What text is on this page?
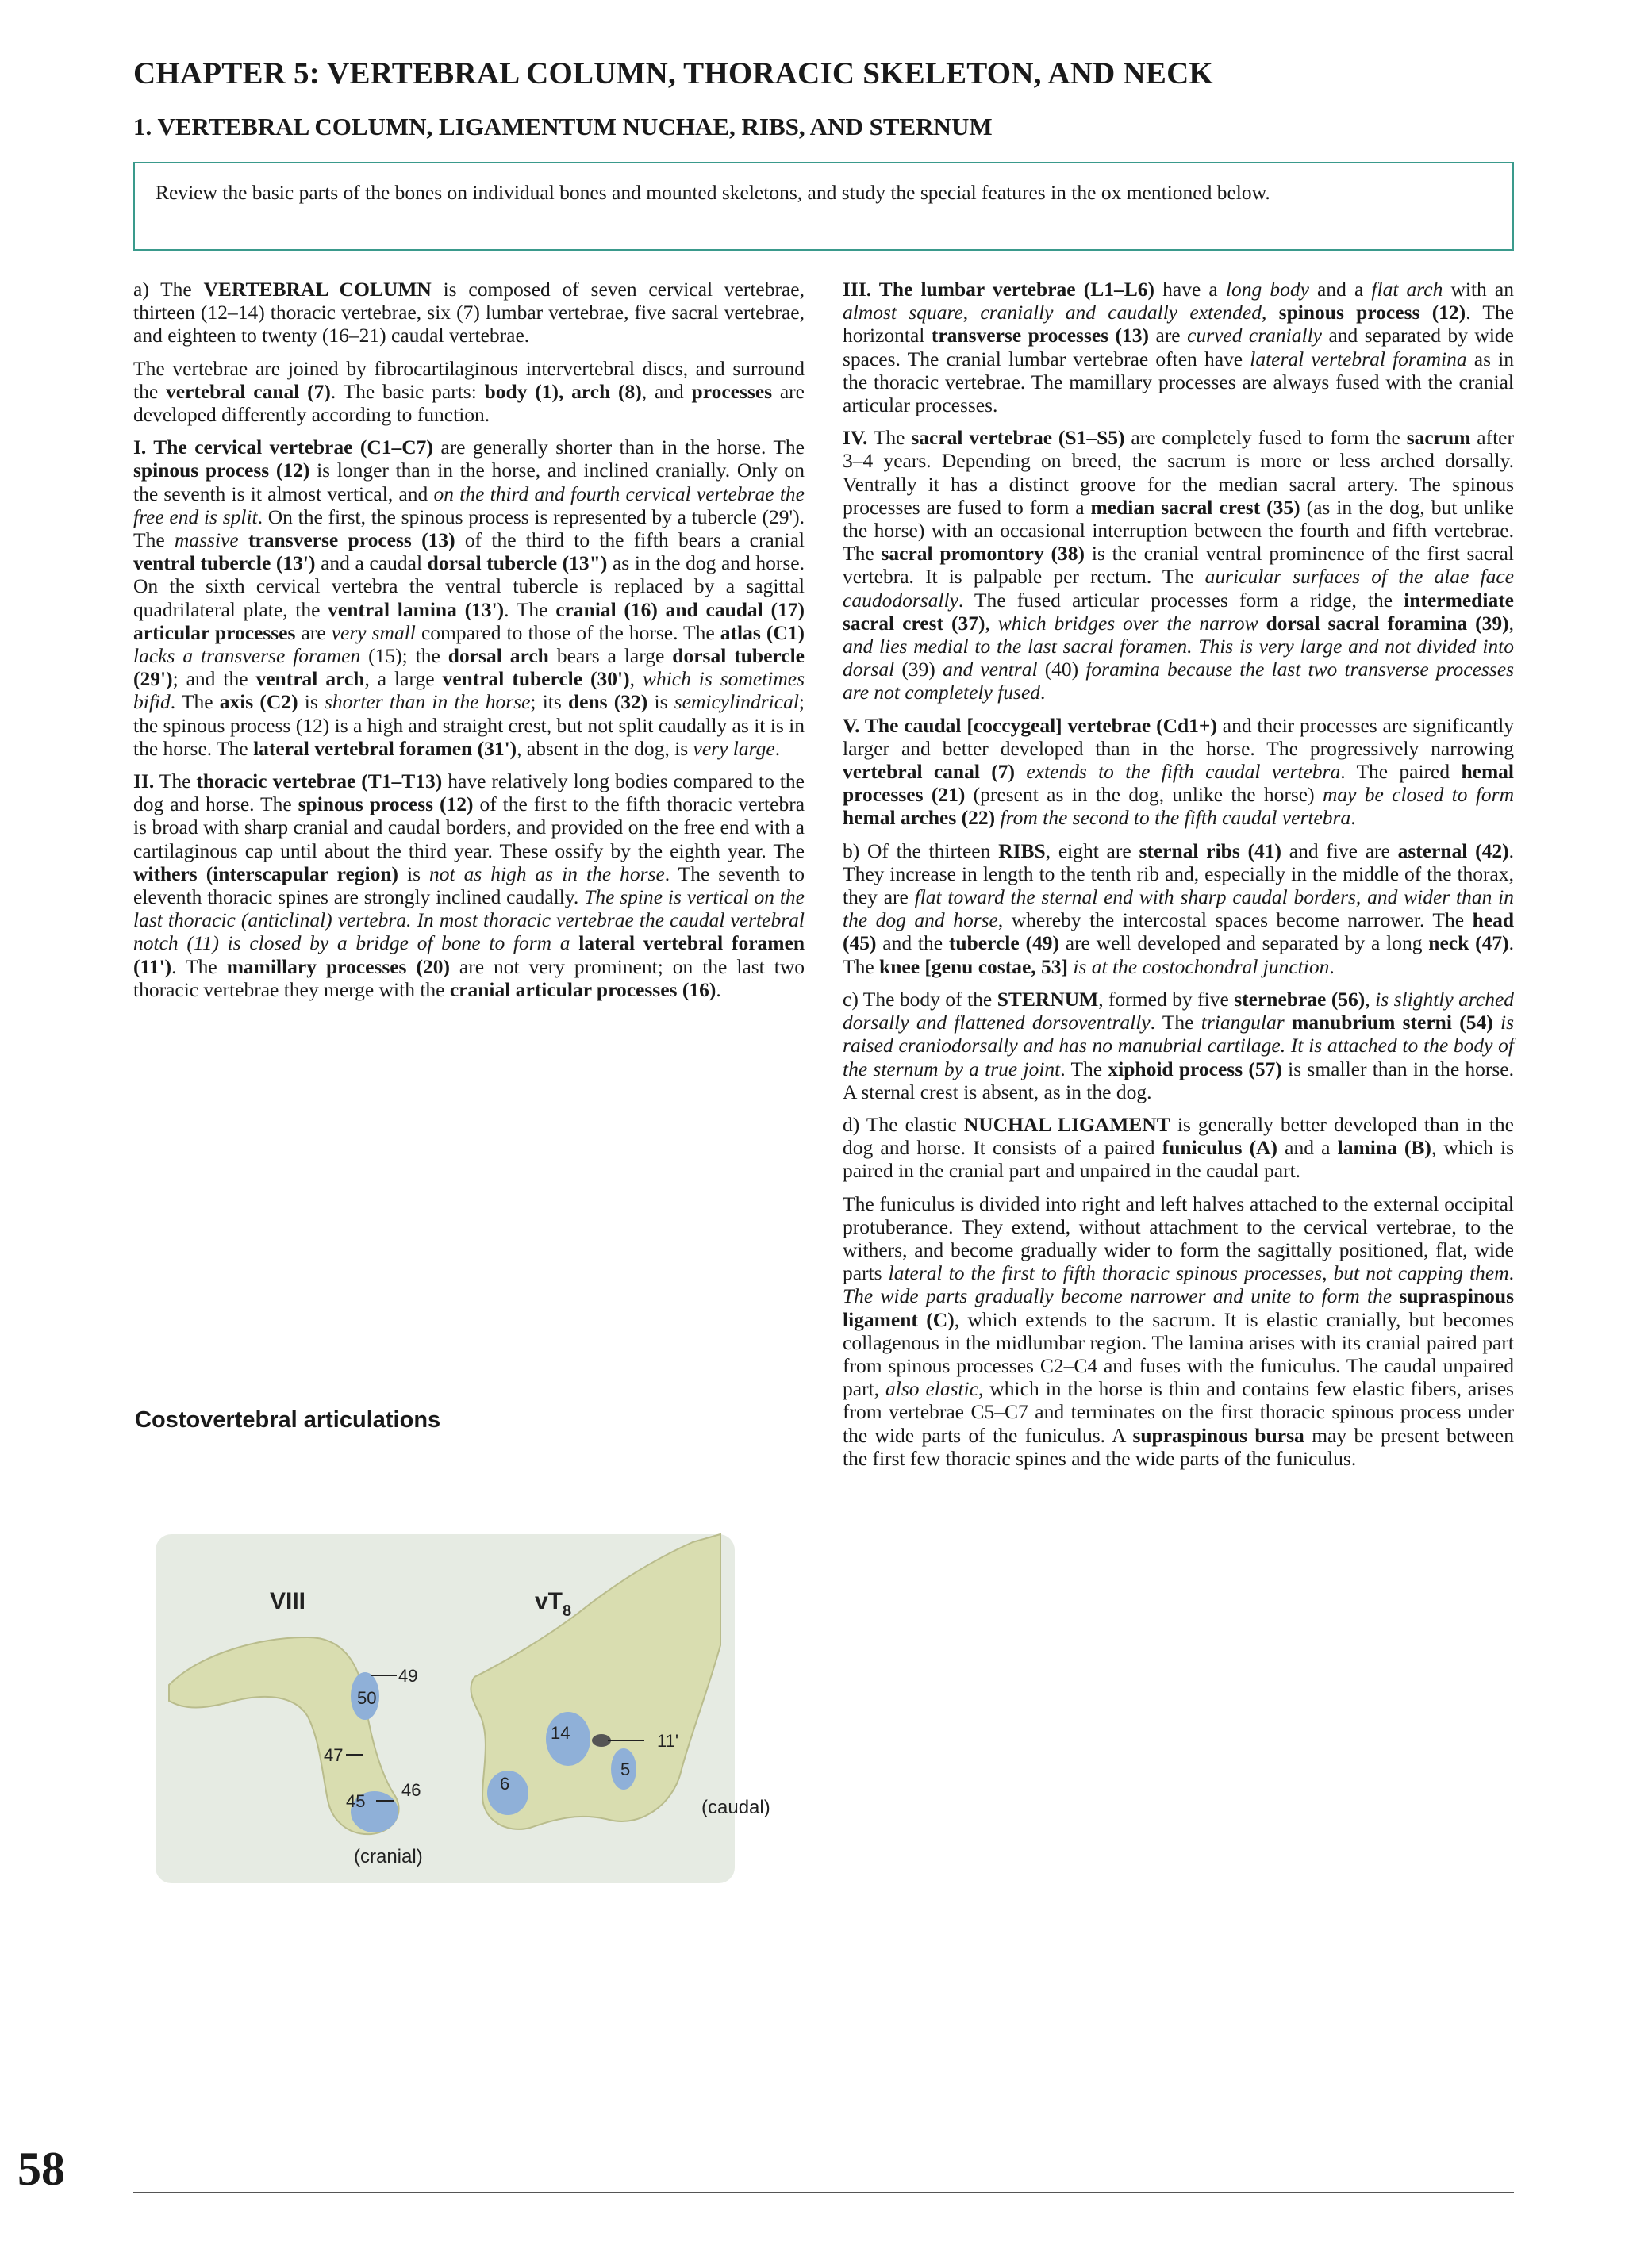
CHAPTER 5: VERTEBRAL COLUMN, THORACIC SKELETON, AND NECK
1. VERTEBRAL COLUMN, LIGAMENTUM NUCHAE, RIBS, AND STERNUM
Review the basic parts of the bones on individual bones and mounted skeletons, and study the special features in the ox mentioned below.

a) The VERTEBRAL COLUMN is composed of seven cervical vertebrae, thirteen (12–14) thoracic vertebrae, six (7) lumbar vertebrae, five sacral vertebrae, and eighteen to twenty (16–21) caudal vertebrae.

The vertebrae are joined by fibrocartilaginous intervertebral discs, and surround the vertebral canal (7). The basic parts: body (1), arch (8), and processes are developed differently according to function.

I. The cervical vertebrae (C1–C7) are generally shorter than in the horse. The spinous process (12) is longer than in the horse, and inclined cranially. Only on the seventh is it almost vertical, and on the third and fourth cervical vertebrae the free end is split. On the first, the spinous process is represented by a tubercle (29'). The massive transverse process (13) of the third to the fifth bears a cranial ventral tubercle (13') and a caudal dorsal tubercle (13") as in the dog and horse. On the sixth cervical vertebra the ventral tubercle is replaced by a sagittal quadrilateral plate, the ventral lamina (13'). The cranial (16) and caudal (17) articular processes are very small compared to those of the horse. The atlas (C1) lacks a transverse foramen (15); the dorsal arch bears a large dorsal tubercle (29'); and the ventral arch, a large ventral tubercle (30'), which is sometimes bifid. The axis (C2) is shorter than in the horse; its dens (32) is semicylindrical; the spinous process (12) is a high and straight crest, but not split caudally as it is in the horse. The lateral vertebral foramen (31'), absent in the dog, is very large.

II. The thoracic vertebrae (T1–T13) have relatively long bodies compared to the dog and horse. The spinous process (12) of the first to the fifth thoracic vertebra is broad with sharp cranial and caudal borders, and provided on the free end with a cartilaginous cap until about the third year. These ossify by the eighth year. The withers (interscapular region) is not as high as in the horse. The seventh to eleventh thoracic spines are strongly inclined caudally. The spine is vertical on the last thoracic (anticlinal) vertebra. In most thoracic vertebrae the caudal vertebral notch (11) is closed by a bridge of bone to form a lateral vertebral foramen (11'). The mamillary processes (20) are not very prominent; on the last two thoracic vertebrae they merge with the cranial articular processes (16).

III. The lumbar vertebrae (L1–L6) have a long body and a flat arch with an almost square, cranially and caudally extended, spinous process (12). The horizontal transverse processes (13) are curved cranially and separated by wide spaces. The cranial lumbar vertebrae often have lateral vertebral foramina as in the thoracic vertebrae. The mamillary processes are always fused with the cranial articular processes.

IV. The sacral vertebrae (S1–S5) are completely fused to form the sacrum after 3–4 years. Depending on breed, the sacrum is more or less arched dorsally. Ventrally it has a distinct groove for the median sacral artery. The spinous processes are fused to form a median sacral crest (35) (as in the dog, but unlike the horse) with an occasional interruption between the fourth and fifth vertebrae. The sacral promontory (38) is the cranial ventral prominence of the first sacral vertebra. It is palpable per rectum. The auricular surfaces of the alae face caudodorsally. The fused articular processes form a ridge, the intermediate sacral crest (37), which bridges over the narrow dorsal sacral foramina (39), and lies medial to the last sacral foramen. This is very large and not divided into dorsal (39) and ventral (40) foramina because the last two transverse processes are not completely fused.

V. The caudal [coccygeal] vertebrae (Cd1+) and their processes are significantly larger and better developed than in the horse. The progressively narrowing vertebral canal (7) extends to the fifth caudal vertebra. The paired hemal processes (21) (present as in the dog, unlike the horse) may be closed to form hemal arches (22) from the second to the fifth caudal vertebra.

b) Of the thirteen RIBS, eight are sternal ribs (41) and five are asternal (42). They increase in length to the tenth rib and, especially in the middle of the thorax, they are flat toward the sternal end with sharp caudal borders, and wider than in the dog and horse, whereby the intercostal spaces become narrower. The head (45) and the tubercle (49) are well developed and separated by a long neck (47). The knee [genu costae, 53] is at the costochondral junction.

c) The body of the STERNUM, formed by five sternebrae (56), is slightly arched dorsally and flattened dorsoventrally. The triangular manubrium sterni (54) is raised craniodorsally and has no manubrial cartilage. It is attached to the body of the sternum by a true joint. The xiphoid process (57) is smaller than in the horse. A sternal crest is absent, as in the dog.

d) The elastic NUCHAL LIGAMENT is generally better developed than in the dog and horse. It consists of a paired funiculus (A) and a lamina (B), which is paired in the cranial part and unpaired in the caudal part.

The funiculus is divided into right and left halves attached to the external occipital protuberance. They extend, without attachment to the cervical vertebrae, to the withers, and become gradually wider to form the sagittally positioned, flat, wide parts lateral to the first to fifth thoracic spinous processes, but not capping them. The wide parts gradually become narrower and unite to form the supraspinous ligament (C), which extends to the sacrum. It is elastic cranially, but becomes collagenous in the midlumbar region. The lamina arises with its cranial paired part from spinous processes C2–C4 and fuses with the funiculus. The caudal unpaired part, also elastic, which in the horse is thin and contains few elastic fibers, arises from vertebrae C5–C7 and terminates on the first thoracic spinous process under the wide parts of the funiculus. A supraspinous bursa may be present between the first few thoracic spines and the wide parts of the funiculus.

Costovertebral articulations
VIII	$vT_8$
49
50
47
45
46
14	11'
5
6
(caudal)
(cranial)

58
